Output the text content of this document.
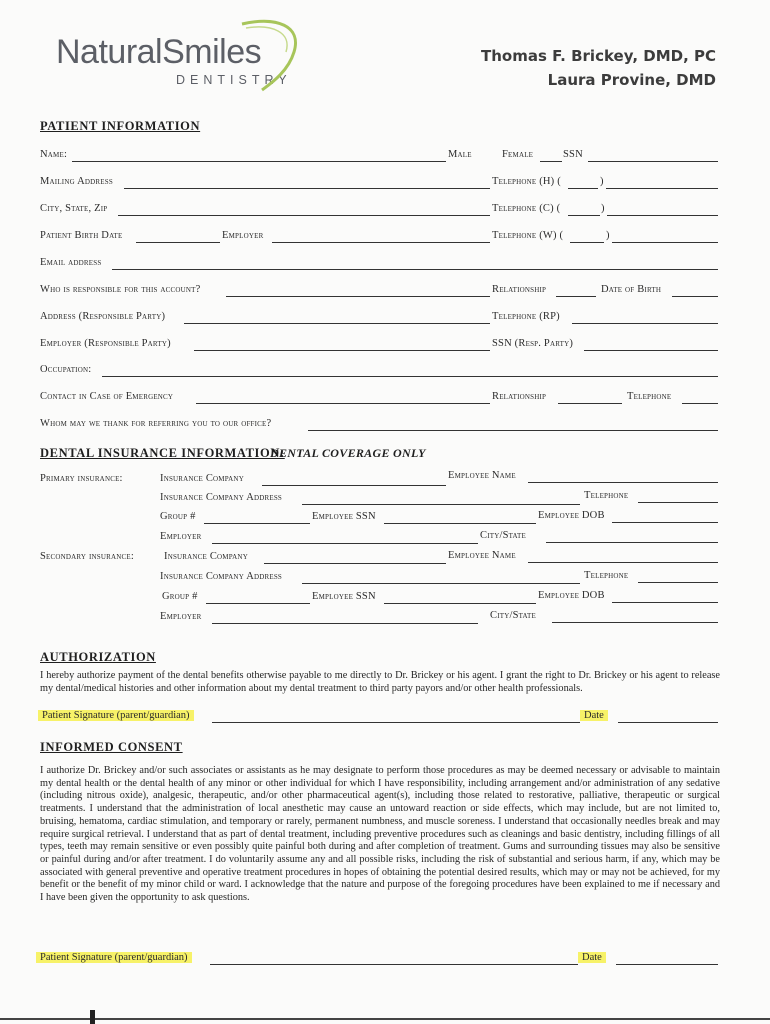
NaturalSmiles
DENTISTRY
Thomas F. Brickey, DMD, PC
Laura Provine, DMD
PATIENT INFORMATION
Name:	Male	Female	SSN
Mailing Address	Telephone (H) (	)
City, State, Zip	Telephone (C) (	)
Patient Birth Date	Employer	Telephone (W) (	)
Email address
Who is responsible for this account?	Relationship	Date of Birth
Address (Responsible Party)	Telephone (RP)
Employer (Responsible Party)	SSN (Resp. Party)
Occupation:
Contact in Case of Emergency	Relationship	Telephone
Whom may we thank for referring you to our office?
DENTAL INSURANCE INFORMATION:
DENTAL COVERAGE ONLY
Primary insurance:	Insurance Company	Employee Name
Insurance Company Address	Telephone
Group #	Employee SSN	Employee DOB
Employer	City/State
Secondary insurance:	Insurance Company	Employee Name
Insurance Company Address	Telephone
Group #	Employee SSN	Employee DOB
Employer	City/State
AUTHORIZATION
I hereby authorize payment of the dental benefits otherwise payable to me directly to Dr. Brickey or his agent. I grant the right to Dr. Brickey or his agent to release my dental/medical histories and other information about my dental treatment to third party payors and/or other health professionals.
Patient Signature (parent/guardian)	Date
INFORMED CONSENT
I authorize Dr. Brickey and/or such associates or assistants as he may designate to perform those procedures as may be deemed necessary or advisable to maintain my dental health or the dental health of any minor or other individual for which I have responsibility, including arrangement and/or administration of any sedative (including nitrous oxide), analgesic, therapeutic, and/or other pharmaceutical agent(s), including those related to restorative, palliative, therapeutic or surgical treatments. I understand that the administration of local anesthetic may cause an untoward reaction or side effects, which may include, but are not limited to, bruising, hematoma, cardiac stimulation, and temporary or rarely, permanent numbness, and muscle soreness. I understand that occasionally needles break and may require surgical retrieval. I understand that as part of dental treatment, including preventive procedures such as cleanings and basic dentistry, including fillings of all types, teeth may remain sensitive or even possibly quite painful both during and after completion of treatment. Gums and surrounding tissues may also be sensitive or painful during and/or after treatment. I do voluntarily assume any and all possible risks, including the risk of substantial and serious harm, if any, which may be associated with general preventive and operative treatment procedures in hopes of obtaining the potential desired results, which may or may not be achieved, for my benefit or the benefit of my minor child or ward. I acknowledge that the nature and purpose of the foregoing procedures have been explained to me if necessary and I have been given the opportunity to ask questions.
Patient Signature (parent/guardian)	Date
